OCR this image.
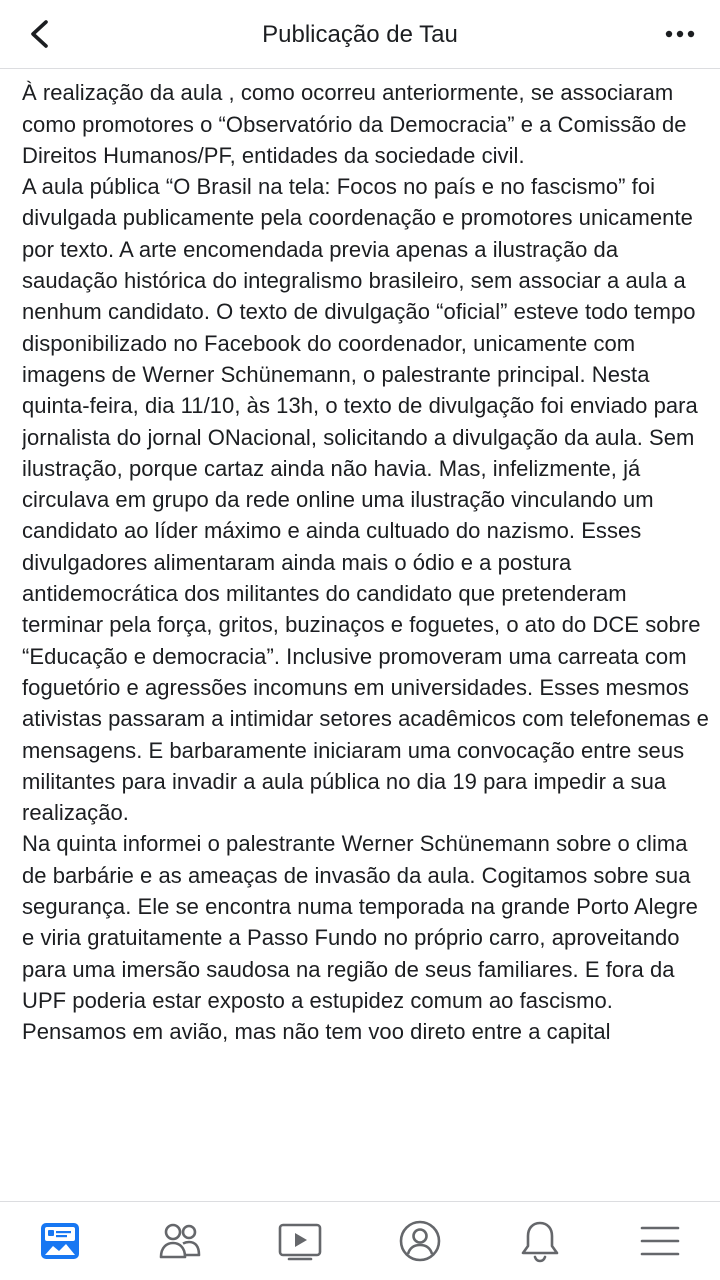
Publicação de Tau

À realização da aula , como ocorreu anteriormente, se associaram como promotores o “Observatório da Democracia” e a Comissão de Direitos Humanos/PF, entidades da sociedade civil.

A aula pública “O Brasil na tela: Focos no país e no fascismo” foi divulgada publicamente pela coordenação e promotores unicamente por texto. A arte encomendada previa apenas a ilustração da saudação histórica do integralismo brasileiro, sem associar a aula a nenhum candidato. O texto de divulgação “oficial” esteve todo tempo disponibilizado no Facebook do coordenador, unicamente com imagens de Werner Schünemann, o palestrante principal. Nesta quinta-feira, dia 11/10, às 13h, o texto de divulgação foi enviado para jornalista do jornal ONacional, solicitando a divulgação da aula. Sem ilustração, porque cartaz ainda não havia. Mas, infelizmente, já circulava em grupo da rede online uma ilustração vinculando um candidato ao líder máximo e ainda cultuado do nazismo. Esses divulgadores alimentaram ainda mais o ódio e a postura antidemocrática dos militantes do candidato que pretenderam terminar pela força, gritos, buzinaços e foguetes, o ato do DCE sobre “Educação e democracia”. Inclusive promoveram uma carreata com foguetório e agressões incomuns em universidades. Esses mesmos ativistas passaram a intimidar setores acadêmicos com telefonemas e mensagens. E barbaramente iniciaram uma convocação entre seus militantes para invadir a aula pública no dia 19 para impedir a sua realização.

Na quinta informei o palestrante Werner Schünemann sobre o clima de barbárie e as ameaças de invasão da aula. Cogitamos sobre sua segurança. Ele se encontra numa temporada na grande Porto Alegre e viria gratuitamente a Passo Fundo no próprio carro, aproveitando para uma imersão saudosa na região de seus familiares. E fora da UPF poderia estar exposto a estupidez comum ao fascismo. Pensamos em avião, mas não tem voo direto entre a capital
